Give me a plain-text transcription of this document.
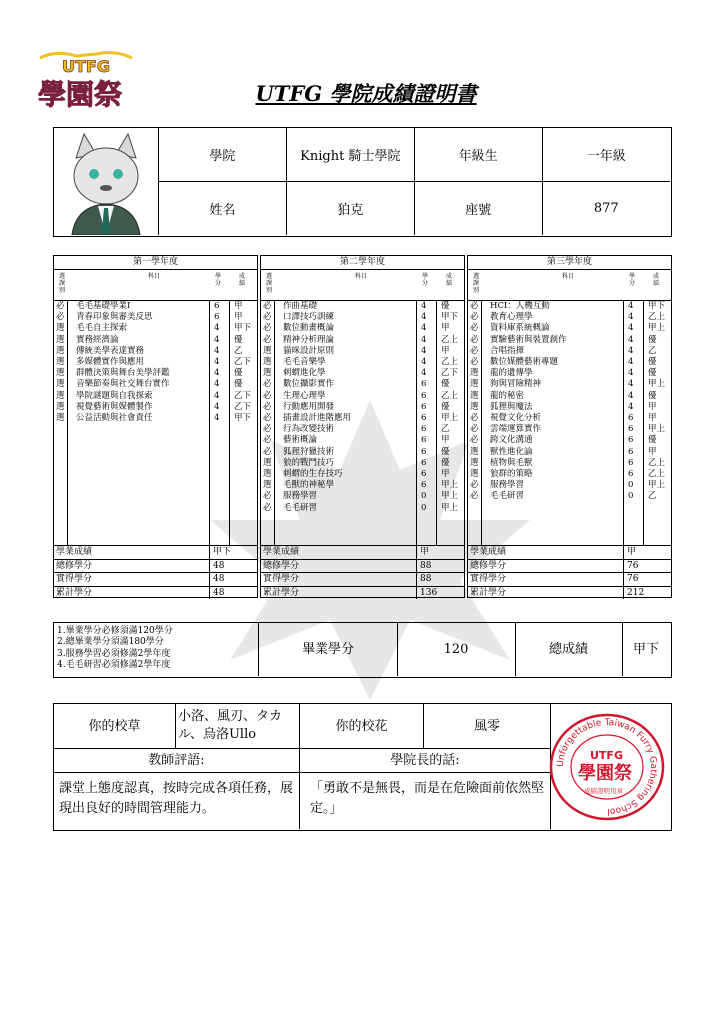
UTFG
學園祭	UTFG 學院成績證明書
學院	Knight 騎士學院	年級生	一年級
姓名	狛克	座號	877
第一學年度
選
課
別
科目	學
分
成
績
必 毛毛基礎學業I	6 甲
必 青春印象與審美反思	6 甲
選 毛毛自主探索	4 甲下
選 實務經濟論	4 優
選 傳統美學表達實務	4 乙
選 多媒體實作與應用	4 乙下
選 群體決策與舞台美學評鑑	4 優
選 音樂節奏與社交舞台實作	4 優
選 學院謎題與自我探索	4 乙下
選 視覺藝術與媒體製作	4 乙下
選 公益活動與社會責任	4 甲下
學業成績	甲下
總修學分	48
實得學分	48
累計學分	48
第二學年度
選
課
別
科目	學
分
成
績
必 作曲基礎	4 優
必 口譯技巧訓練	4 甲下
必 數位動畫概論	4 甲
必 精神分析理論	4 乙上
選 貓咪設計原則	4 甲
選 毛毛音樂學	4 乙上
選 刺蝟進化學	4 乙下
必 數位攝影實作	6 優
必 生理心理學	6 乙上
必 行動應用開發	6 優
必 插畫設計進階應用	6 甲上
必 行為改變技術	6 乙
必 藝術概論	6 甲
必 狐狸狩獵技術	6 優
選 狼的戰鬥技巧	6 優
選 刺蝟的生存技巧	6 甲
選 毛獸的神秘學	6 甲上
必 服務學習	0 甲上
必 毛毛研習	0 甲上
學業成績	甲
總修學分	88
實得學分	88
累計學分	136
第三學年度
選
課
別
科目	學
分
成
績
必 HCI：人機互動	4 甲下
必 教育心理學	4 乙上
必 資料庫系統概論	4 甲上
必 實驗藝術與裝置創作	4 優
必 合唱指揮	4 乙
必 數位媒體藝術專題	4 優
選 龍的遺傳學	4 優
選 狗與冒險精神	4 甲上
選 龍的秘密	4 優
選 狐狸與魔法	4 甲
必 視覺文化分析	6 甲
必 雲端運算實作	6 甲上
必 跨文化溝通	6 優
選 獸性進化論	6 甲
選 植物與毛獸	6 乙上
選 狼群的策略	6 乙上
必 服務學習	0 甲上
必 毛毛研習	0 乙
學業成績	甲
總修學分	76
實得學分	76
累計學分	212
1.畢業學分必修須滿120學分
2.總畢業學分須滿180學分
3.服務學習必須修滿2學年度
4.毛毛研習必須修滿2學年度
畢業學分	120	總成績	甲下
你的校草
小洛、風刃、タカル、烏洛Ullo
你的校花	風零
教師評語:	學院長的話:
課堂上態度認真，按時完成各項任務，展現出良好的時間管理能力。
「勇敢不是無畏，而是在危險面前依然堅定。」
Unforgettable Taiwan Furry Gathering School
UTFG
學園祭
成績證明用章
